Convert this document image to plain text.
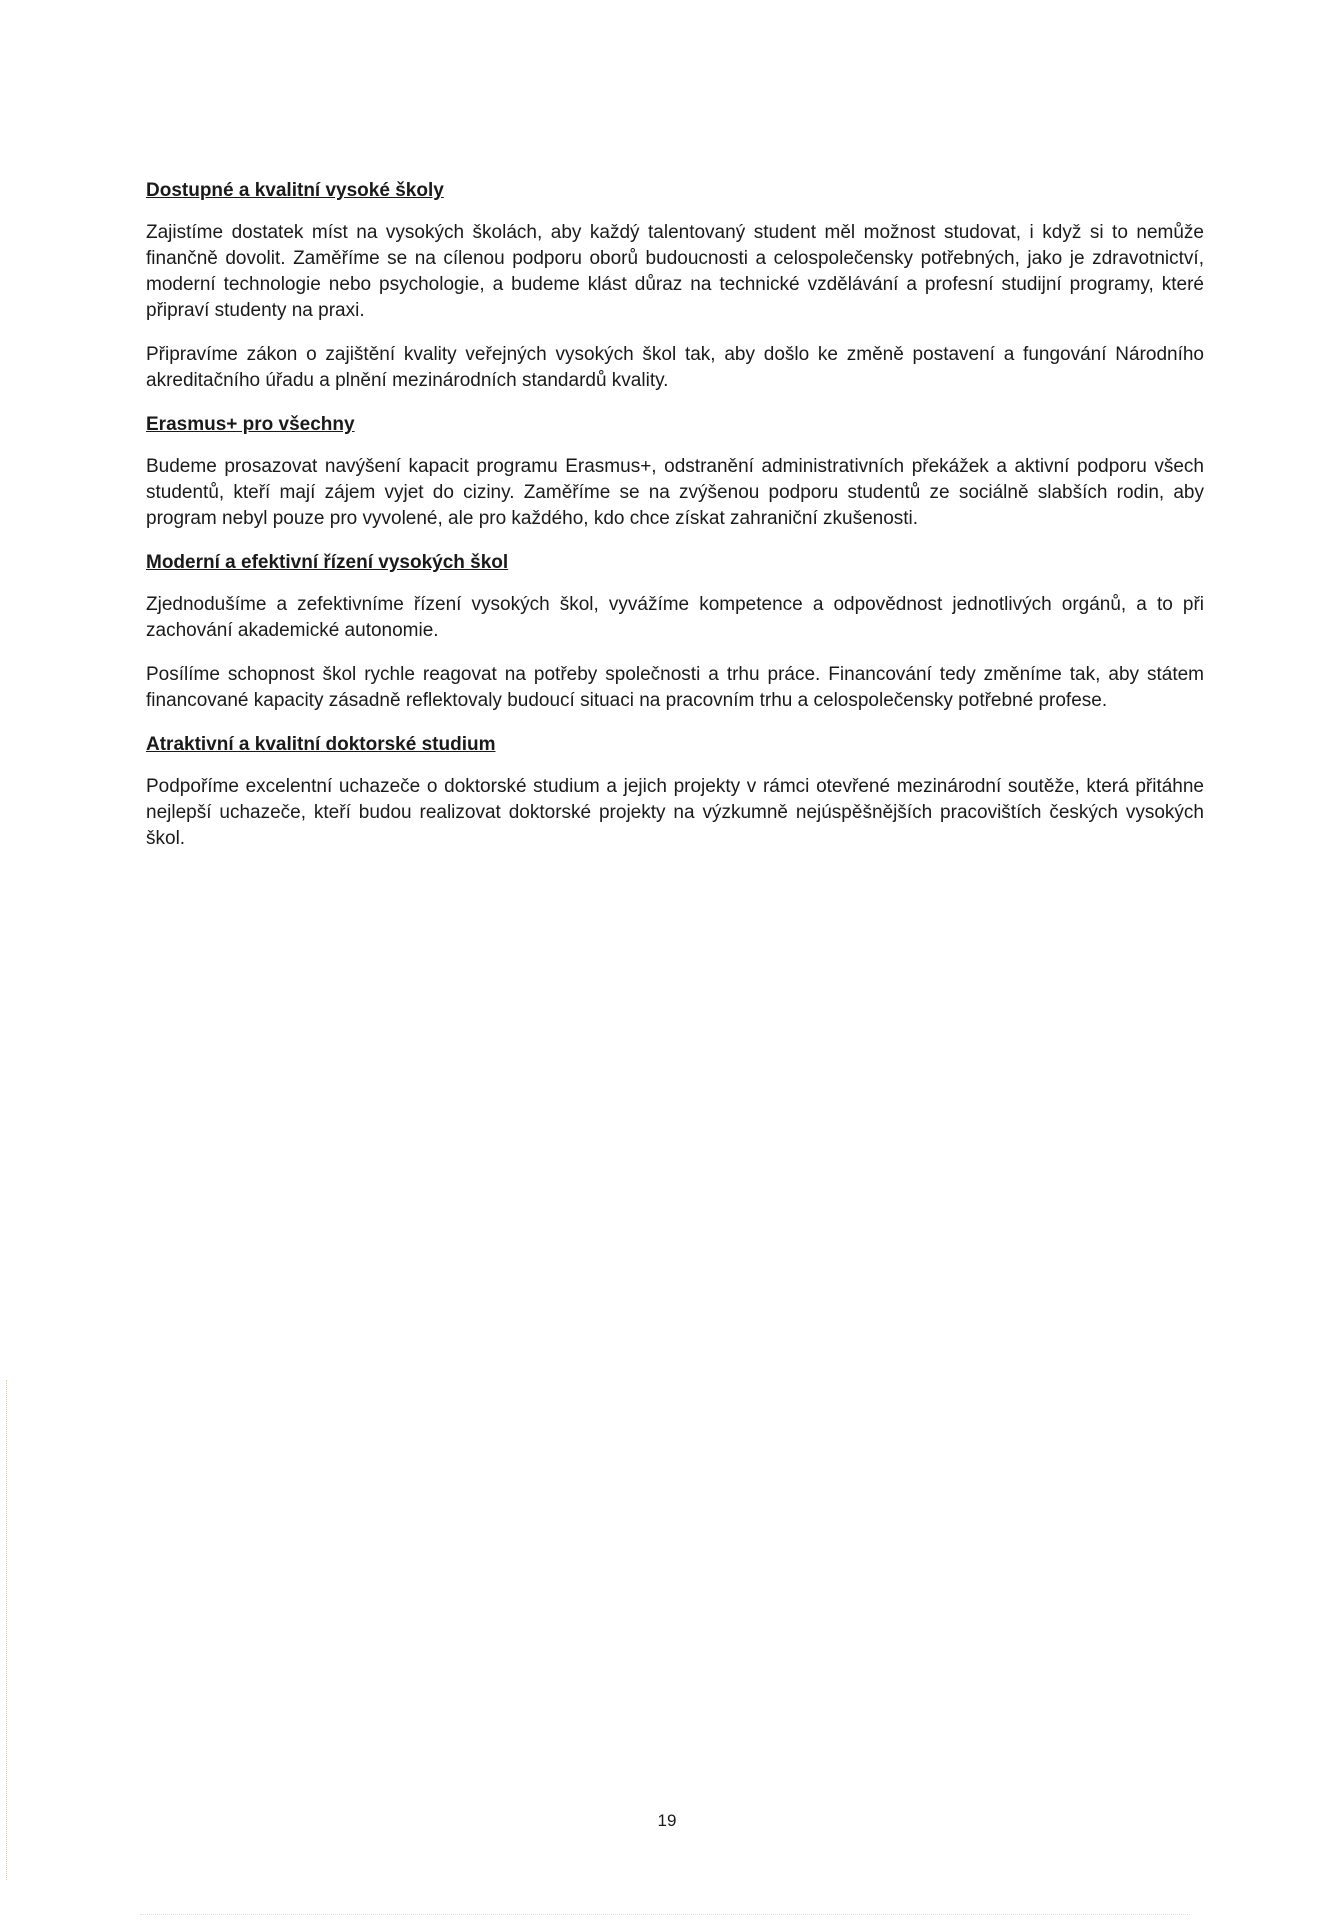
Dostupné a kvalitní vysoké školy

Zajistíme dostatek míst na vysokých školách, aby každý talentovaný student měl možnost studovat, i když si to nemůže finančně dovolit. Zaměříme se na cílenou podporu oborů budoucnosti a celospolečensky potřebných, jako je zdravotnictví, moderní technologie nebo psychologie, a budeme klást důraz na technické vzdělávání a profesní studijní programy, které připraví studenty na praxi.

Připravíme zákon o zajištění kvality veřejných vysokých škol tak, aby došlo ke změně postavení a fungování Národního akreditačního úřadu a plnění mezinárodních standardů kvality.

Erasmus+ pro všechny

Budeme prosazovat navýšení kapacit programu Erasmus+, odstranění administrativních překážek a aktivní podporu všech studentů, kteří mají zájem vyjet do ciziny. Zaměříme se na zvýšenou podporu studentů ze sociálně slabších rodin, aby program nebyl pouze pro vyvolené, ale pro každého, kdo chce získat zahraniční zkušenosti.

Moderní a efektivní řízení vysokých škol

Zjednodušíme a zefektivníme řízení vysokých škol, vyvážíme kompetence a odpovědnost jednotlivých orgánů, a to při zachování akademické autonomie.

Posílíme schopnost škol rychle reagovat na potřeby společnosti a trhu práce. Financování tedy změníme tak, aby státem financované kapacity zásadně reflektovaly budoucí situaci na pracovním trhu a celospolečensky potřebné profese.

Atraktivní a kvalitní doktorské studium

Podpoříme excelentní uchazeče o doktorské studium a jejich projekty v rámci otevřené mezinárodní soutěže, která přitáhne nejlepší uchazeče, kteří budou realizovat doktorské projekty na výzkumně nejúspěšnějších pracovištích českých vysokých škol.

19
